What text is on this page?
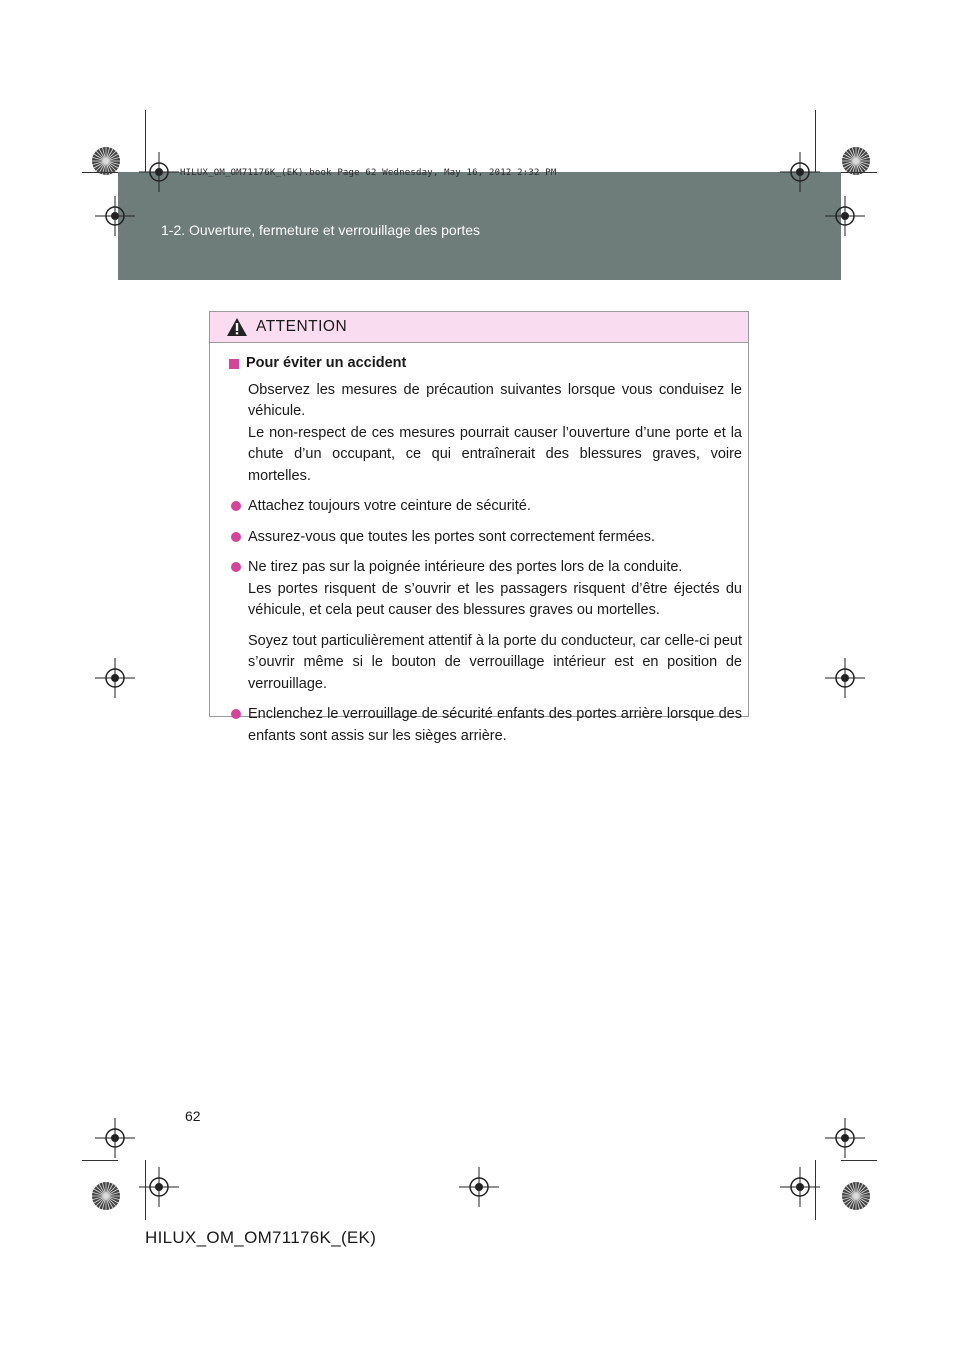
1-2. Ouverture, fermeture et verrouillage des portes
HILUX_OM_OM71176K_(EK).book Page 62 Wednesday, May 16, 2012 2:32 PM
ATTENTION
Pour éviter un accident

Observez les mesures de précaution suivantes lorsque vous conduisez le véhicule.

Le non-respect de ces mesures pourrait causer l’ouverture d’une porte et la chute d’un occupant, ce qui entraînerait des blessures graves, voire mortelles.

Attachez toujours votre ceinture de sécurité.

Assurez-vous que toutes les portes sont correctement fermées.

Ne tirez pas sur la poignée intérieure des portes lors de la conduite.

Les portes risquent de s’ouvrir et les passagers risquent d’être éjectés du véhicule, et cela peut causer des blessures graves ou mortelles.

Soyez tout particulièrement attentif à la porte du conducteur, car celle-ci peut s’ouvrir même si le bouton de verrouillage intérieur est en position de verrouillage.

Enclenchez le verrouillage de sécurité enfants des portes arrière lorsque des enfants sont assis sur les sièges arrière.

62
HILUX_OM_OM71176K_(EK)
